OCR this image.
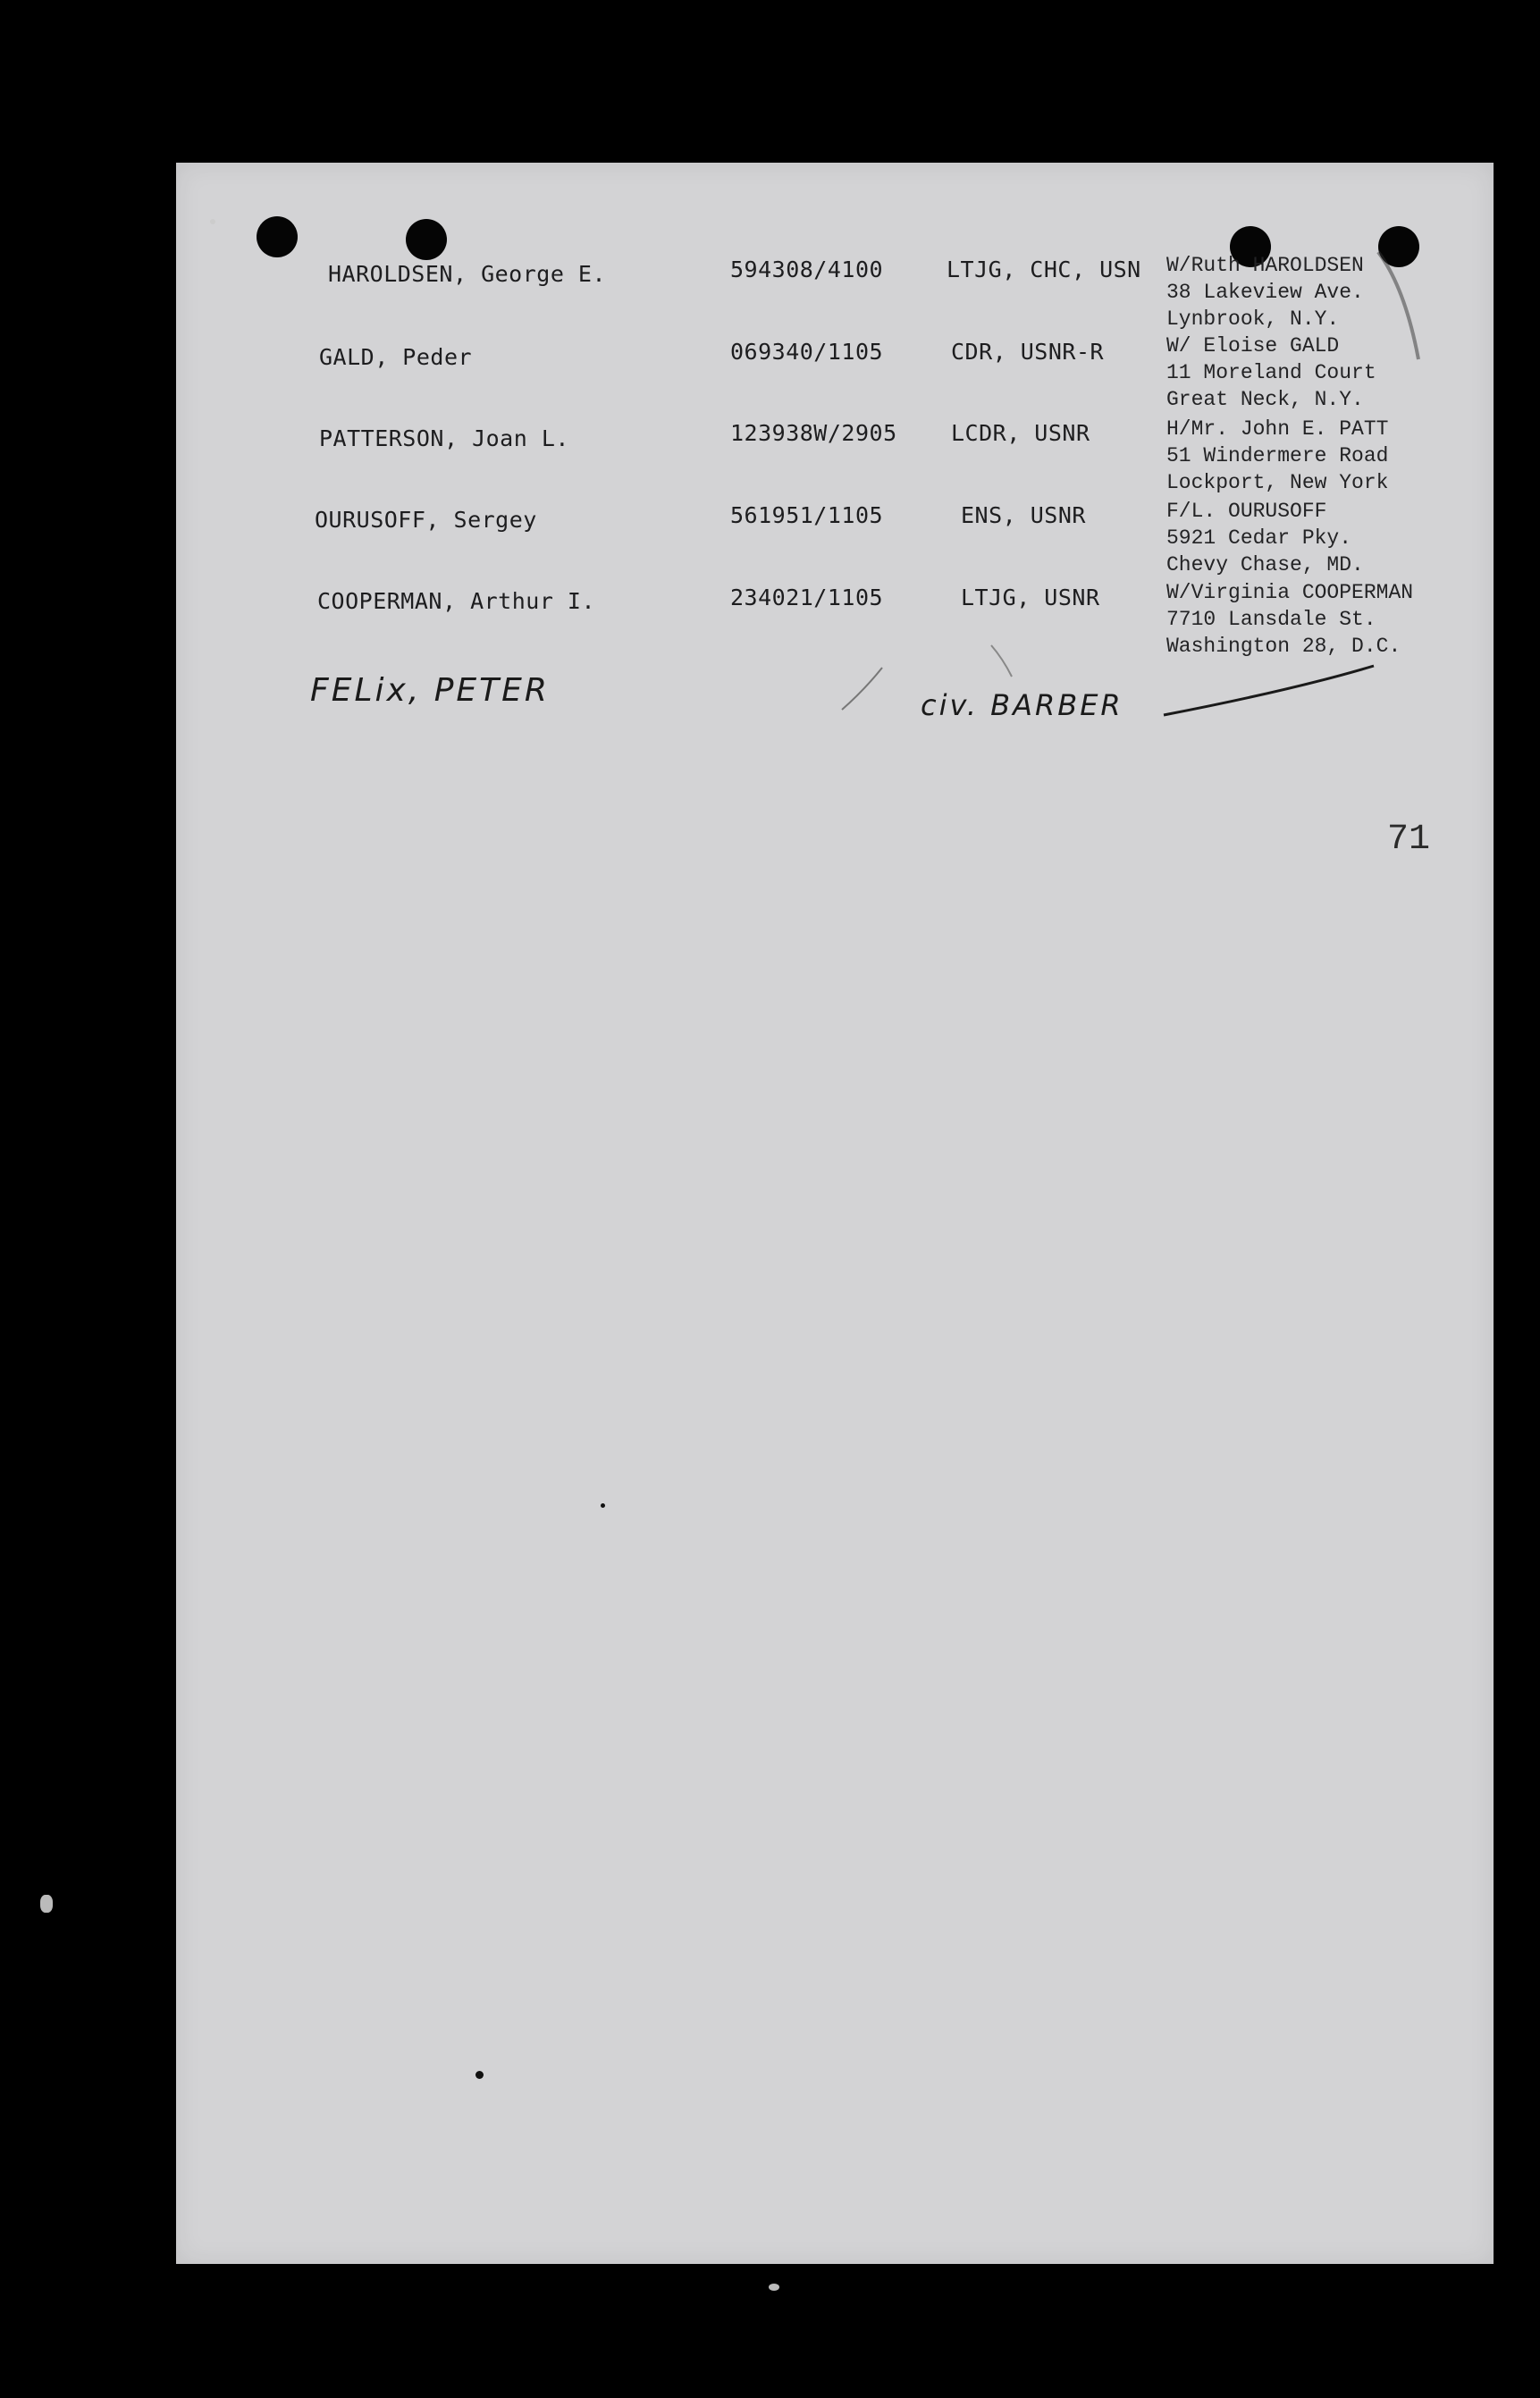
HAROLDSEN, George E.	594308/4100	LTJG, CHC, USN W/Ruth HAROLDSEN
38 Lakeview Ave.
Lynbrook, N.Y.
GALD, Peder	069340/1105	CDR, USNR-R	W/ Eloise GALD
11 Moreland Court
Great Neck, N.Y.
PATTERSON, Joan L.	123938W/2905 LCDR, USNR	H/Mr. John E. PATT
51 Windermere Road
Lockport, New York
OURUSOFF, Sergey	561951/1105	ENS, USNR	F/L. OURUSOFF
5921 Cedar Pky.
Chevy Chase, MD.
COOPERMAN, Arthur I.	234021/1105	LTJG, USNR	W/Virginia COOPERMAN
7710 Lansdale St.
Washington 28, D.C.
FELix, PETER	civ. BARBER
71
